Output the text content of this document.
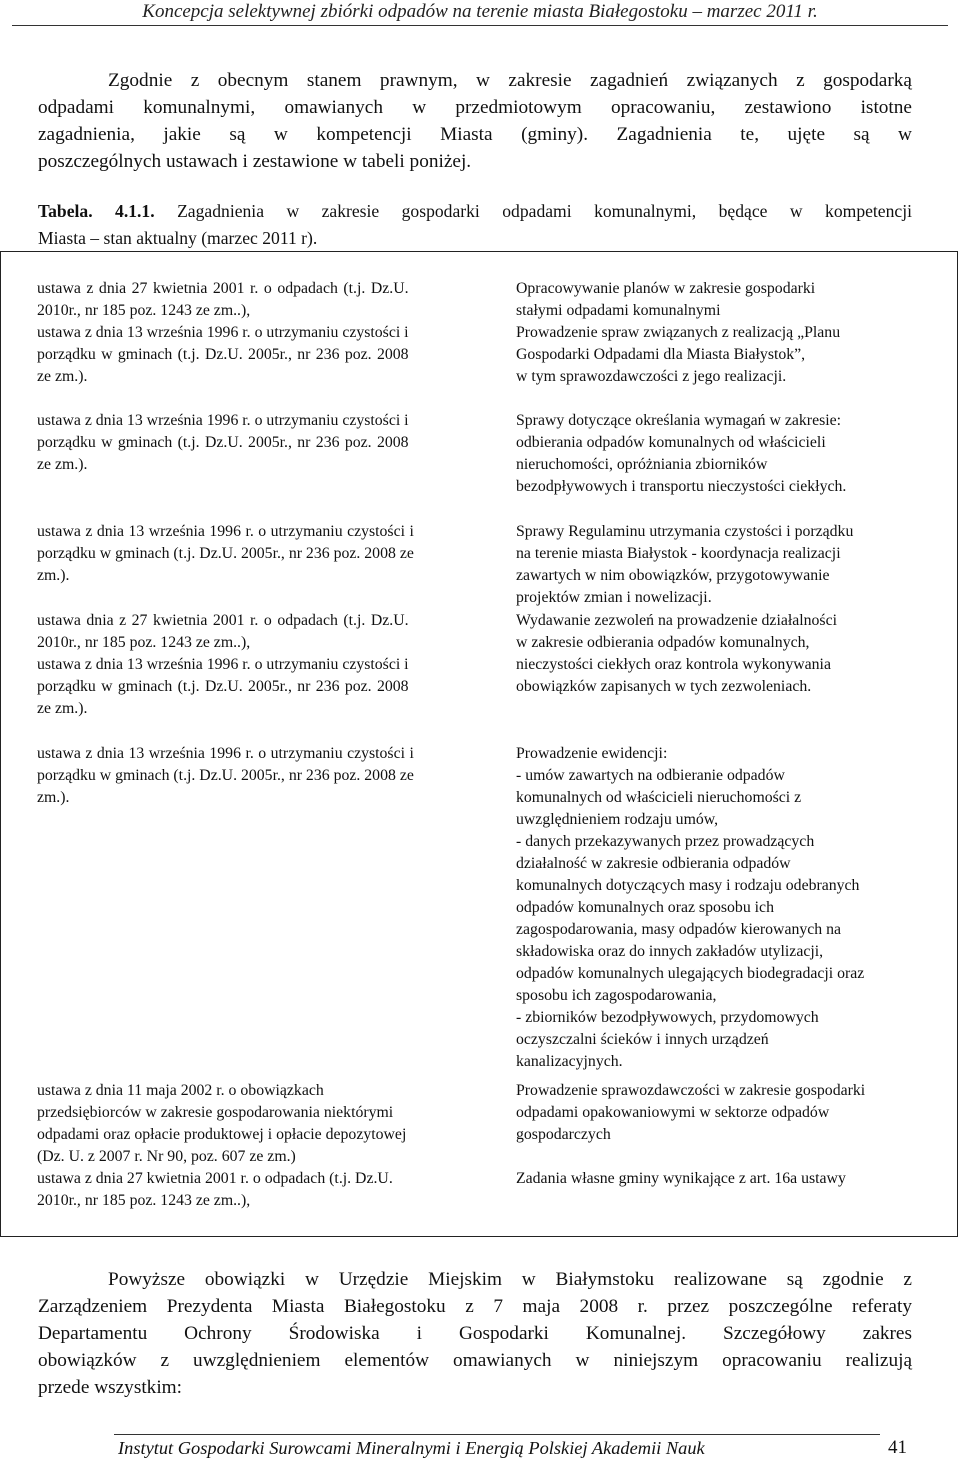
Koncepcja selektywnej zbiórki odpadów na terenie miasta Białegostoku – marzec 2011 r.
Zgodnie z obecnym stanem prawnym, w zakresie zagadnień związanych z gospodarką
odpadami komunalnymi, omawianych w przedmiotowym opracowaniu, zestawiono istotne
zagadnienia, jakie są w kompetencji Miasta (gminy). Zagadnienia te, ujęte są w
poszczególnych ustawach i zestawione w tabeli poniżej.
Tabela. 4.1.1. Zagadnienia w zakresie gospodarki odpadami komunalnymi, będące w kompetencji
Miasta – stan aktualny (marzec 2011 r).
ustawa z dnia 27 kwietnia 2001 r. o odpadach (t.j. Dz.U.
2010r., nr 185 poz. 1243 ze zm..),
ustawa z dnia 13 września 1996 r. o utrzymaniu czystości i
porządku w gminach (t.j. Dz.U. 2005r., nr 236 poz. 2008
ze zm.).
ustawa z dnia 13 września 1996 r. o utrzymaniu czystości i
porządku w gminach (t.j. Dz.U. 2005r., nr 236 poz. 2008
ze zm.).
ustawa z dnia 13 września 1996 r. o utrzymaniu czystości i
porządku w gminach (t.j. Dz.U. 2005r., nr 236 poz. 2008 ze
zm.).
ustawa dnia z 27 kwietnia 2001 r. o odpadach (t.j. Dz.U.
2010r., nr 185 poz. 1243 ze zm..),
ustawa z dnia 13 września 1996 r. o utrzymaniu czystości i
porządku w gminach (t.j. Dz.U. 2005r., nr 236 poz. 2008
ze zm.).
ustawa z dnia 13 września 1996 r. o utrzymaniu czystości i
porządku w gminach (t.j. Dz.U. 2005r., nr 236 poz. 2008 ze
zm.).
ustawa z dnia 11 maja 2002 r. o obowiązkach
przedsiębiorców w zakresie gospodarowania niektórymi
odpadami oraz opłacie produktowej i opłacie depozytowej
(Dz. U. z 2007 r. Nr 90, poz. 607 ze zm.)
ustawa z dnia 27 kwietnia 2001 r. o odpadach (t.j. Dz.U.
2010r., nr 185 poz. 1243 ze zm..),
Opracowywanie planów w zakresie gospodarki
stałymi odpadami komunalnymi
Prowadzenie spraw związanych z realizacją „Planu
Gospodarki Odpadami dla Miasta Białystok”,
w tym sprawozdawczości z jego realizacji.
Sprawy dotyczące określania wymagań w zakresie:
odbierania odpadów komunalnych od właścicieli
nieruchomości, opróżniania zbiorników
bezodpływowych i transportu nieczystości ciekłych.
Sprawy Regulaminu utrzymania czystości i porządku
na terenie miasta Białystok - koordynacja realizacji
zawartych w nim obowiązków, przygotowywanie
projektów zmian i nowelizacji.
Wydawanie zezwoleń na prowadzenie działalności
w zakresie odbierania odpadów komunalnych,
nieczystości ciekłych oraz kontrola wykonywania
obowiązków zapisanych w tych zezwoleniach.
Prowadzenie ewidencji:
- umów zawartych na odbieranie odpadów
komunalnych od właścicieli nieruchomości z
uwzględnieniem rodzaju umów,
- danych przekazywanych przez prowadzących
działalność w zakresie odbierania odpadów
komunalnych dotyczących masy i rodzaju odebranych
odpadów komunalnych oraz sposobu ich
zagospodarowania, masy odpadów kierowanych na
składowiska oraz do innych zakładów utylizacji,
odpadów komunalnych ulegających biodegradacji oraz
sposobu ich zagospodarowania,
- zbiorników bezodpływowych, przydomowych
oczyszczalni ścieków i innych urządzeń
kanalizacyjnych.
Prowadzenie sprawozdawczości w zakresie gospodarki
odpadami opakowaniowymi w sektorze odpadów
gospodarczych
Zadania własne gminy wynikające z art. 16a ustawy
Powyższe obowiązki w Urzędzie Miejskim w Białymstoku realizowane są zgodnie z
Zarządzeniem Prezydenta Miasta Białegostoku z 7 maja 2008 r. przez poszczególne referaty
Departamentu Ochrony Środowiska i Gospodarki Komunalnej. Szczegółowy zakres
obowiązków z uwzględnieniem elementów omawianych w niniejszym opracowaniu realizują
przede wszystkim:
Instytut Gospodarki Surowcami Mineralnymi i Energią Polskiej Akademii Nauk	41
